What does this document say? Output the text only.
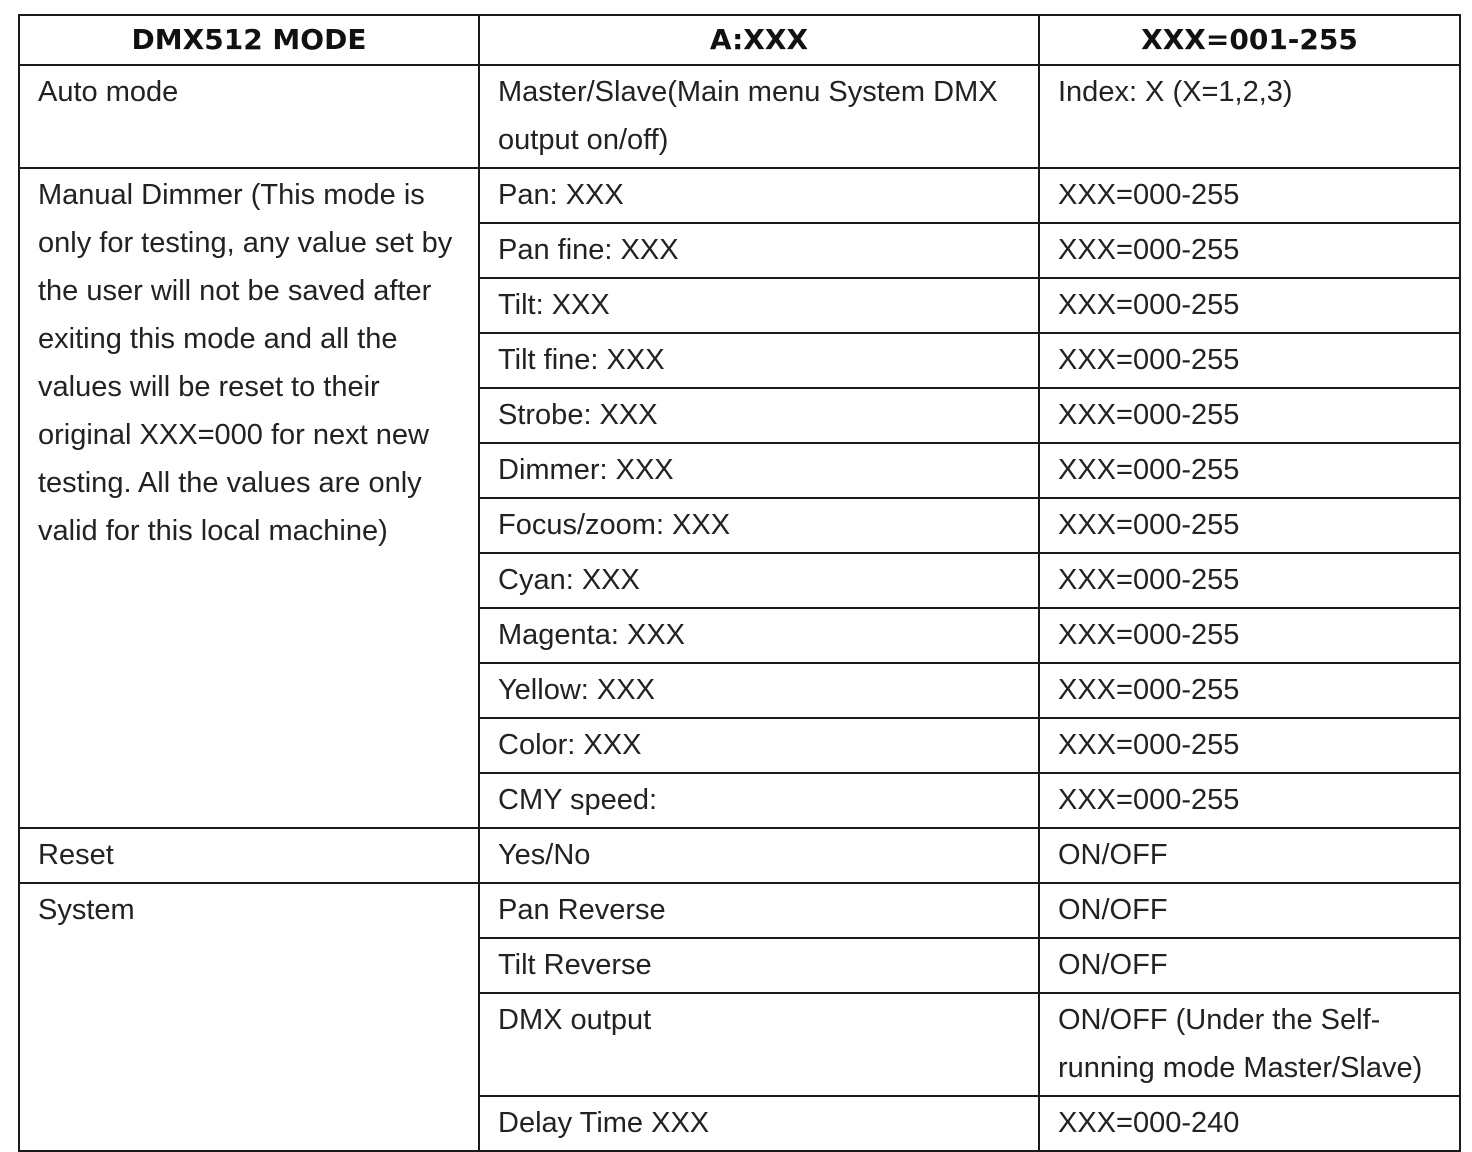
DMX512 MODE	A:XXX	XXX=001-255
Auto mode	Master/Slave(Main menu System DMX output on/off)	Index: X (X=1,2,3)
Manual Dimmer (This mode is only for testing, any value set by the user will not be saved after exiting this mode and all the values will be reset to their original XXX=000 for next new testing. All the values are only valid for this local machine)	Pan: XXX	XXX=000-255
	Pan fine: XXX	XXX=000-255
	Tilt: XXX	XXX=000-255
	Tilt fine: XXX	XXX=000-255
	Strobe: XXX	XXX=000-255
	Dimmer: XXX	XXX=000-255
	Focus/zoom: XXX	XXX=000-255
	Cyan: XXX	XXX=000-255
	Magenta: XXX	XXX=000-255
	Yellow: XXX	XXX=000-255
	Color: XXX	XXX=000-255
	CMY speed:	XXX=000-255
Reset	Yes/No	ON/OFF
System	Pan Reverse	ON/OFF
	Tilt Reverse	ON/OFF
	DMX output	ON/OFF (Under the Self-running mode Master/Slave)
	Delay Time XXX	XXX=000-240
